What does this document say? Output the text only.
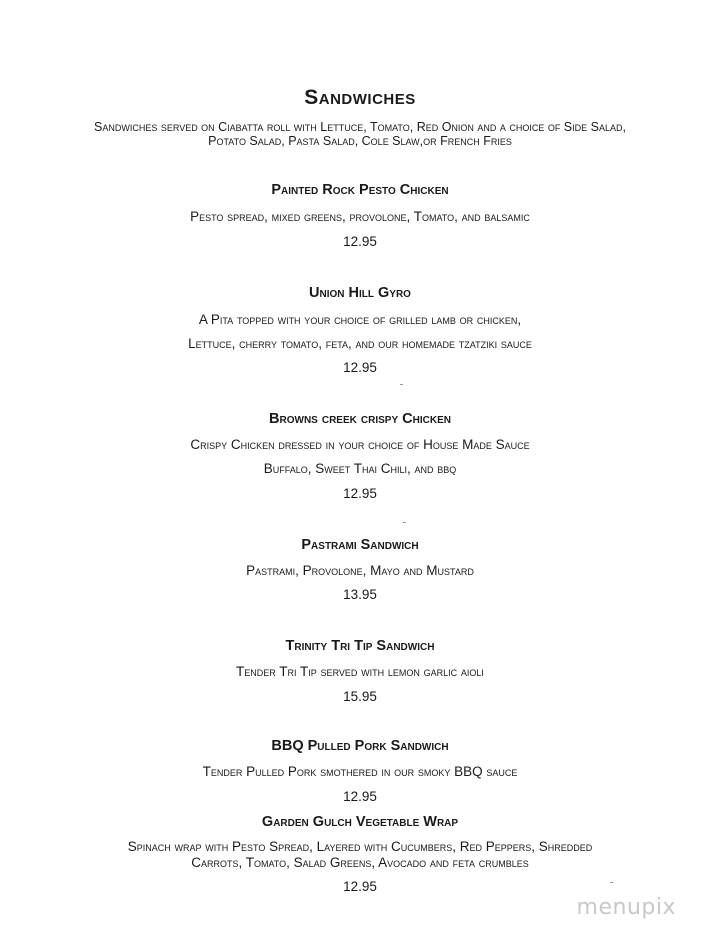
Sandwiches
Sandwiches served on Ciabatta roll with Lettuce, Tomato, Red Onion and a choice of Side Salad,
Potato Salad, Pasta Salad, Cole Slaw,or French Fries
Painted Rock Pesto Chicken
Pesto spread, mixed greens, provolone, Tomato, and balsamic
12.95
Union Hill Gyro
A Pita topped with your choice of grilled lamb or chicken,
Lettuce, cherry tomato, feta, and our homemade tzatziki sauce
12.95
Browns creek crispy Chicken
Crispy Chicken dressed in your choice of House Made Sauce
Buffalo, Sweet Thai Chili, and bbq
12.95
Pastrami Sandwich
Pastrami, Provolone, Mayo and Mustard
13.95
Trinity Tri Tip Sandwich
Tender Tri Tip served with lemon garlic aioli
15.95
BBQ Pulled Pork Sandwich
Tender Pulled Pork smothered in our smoky BBQ sauce
12.95
Garden Gulch Vegetable Wrap
Spinach wrap with Pesto Spread, Layered with Cucumbers, Red Peppers, Shredded
Carrots, Tomato, Salad Greens, Avocado and feta crumbles
12.95
menupix
